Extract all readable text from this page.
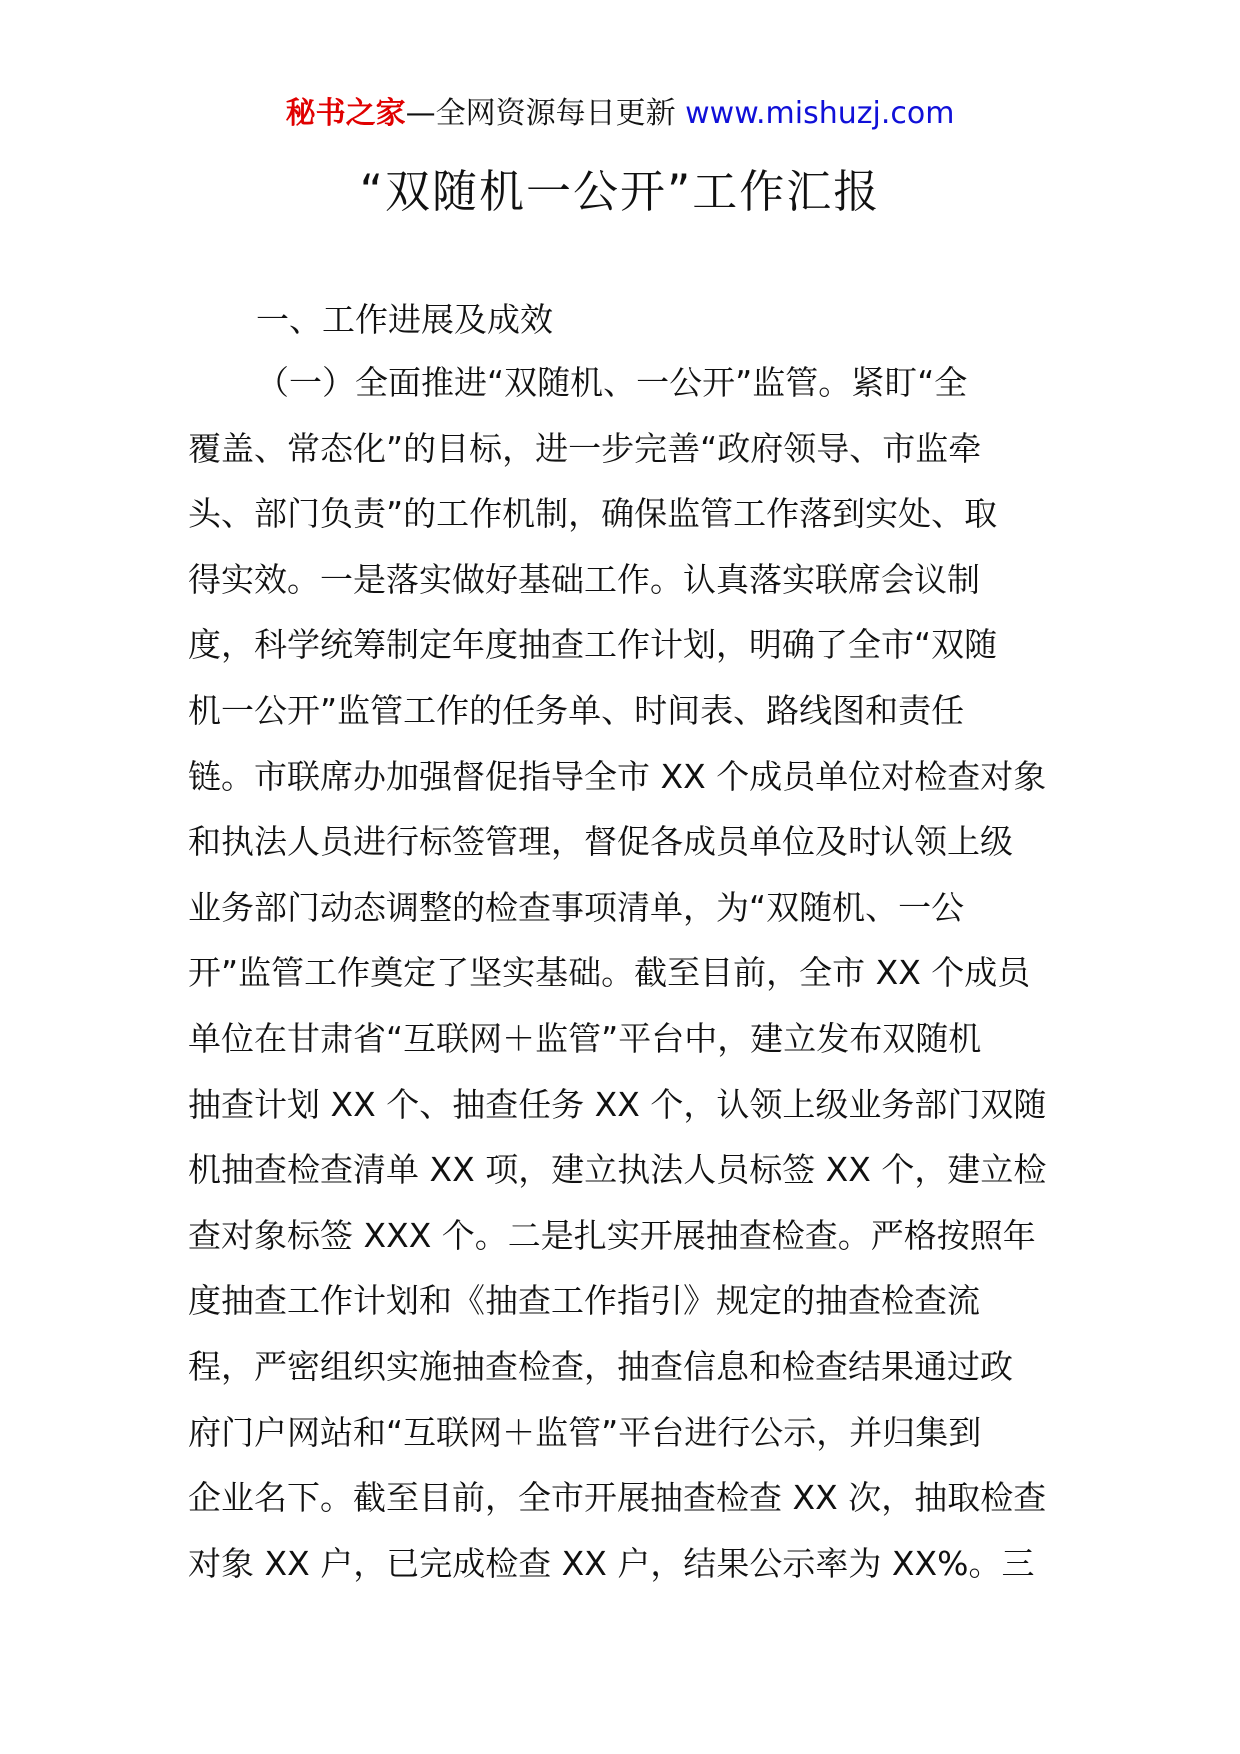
秘书之家—全网资源每日更新 www.mishuzj.com
“双随机一公开”工作汇报
一、工作进展及成效
（一）全面推进“双随机、一公开”监管。紧盯“全
覆盖、常态化”的目标，进一步完善“政府领导、市监牵
头、部门负责”的工作机制，确保监管工作落到实处、取
得实效。一是落实做好基础工作。认真落实联席会议制
度，科学统筹制定年度抽查工作计划，明确了全市“双随
机一公开”监管工作的任务单、时间表、路线图和责任
链。市联席办加强督促指导全市 XX 个成员单位对检查对象
和执法人员进行标签管理，督促各成员单位及时认领上级
业务部门动态调整的检查事项清单，为“双随机、一公
开”监管工作奠定了坚实基础。截至目前，全市 XX 个成员
单位在甘肃省“互联网＋监管”平台中，建立发布双随机
抽查计划 XX 个、抽查任务 XX 个，认领上级业务部门双随
机抽查检查清单 XX 项，建立执法人员标签 XX 个，建立检
查对象标签 XXX 个。二是扎实开展抽查检查。严格按照年
度抽查工作计划和《抽查工作指引》规定的抽查检查流
程，严密组织实施抽查检查，抽查信息和检查结果通过政
府门户网站和“互联网＋监管”平台进行公示，并归集到
企业名下。截至目前，全市开展抽查检查 XX 次，抽取检查
对象 XX 户，已完成检查 XX 户，结果公示率为 XX%。三
